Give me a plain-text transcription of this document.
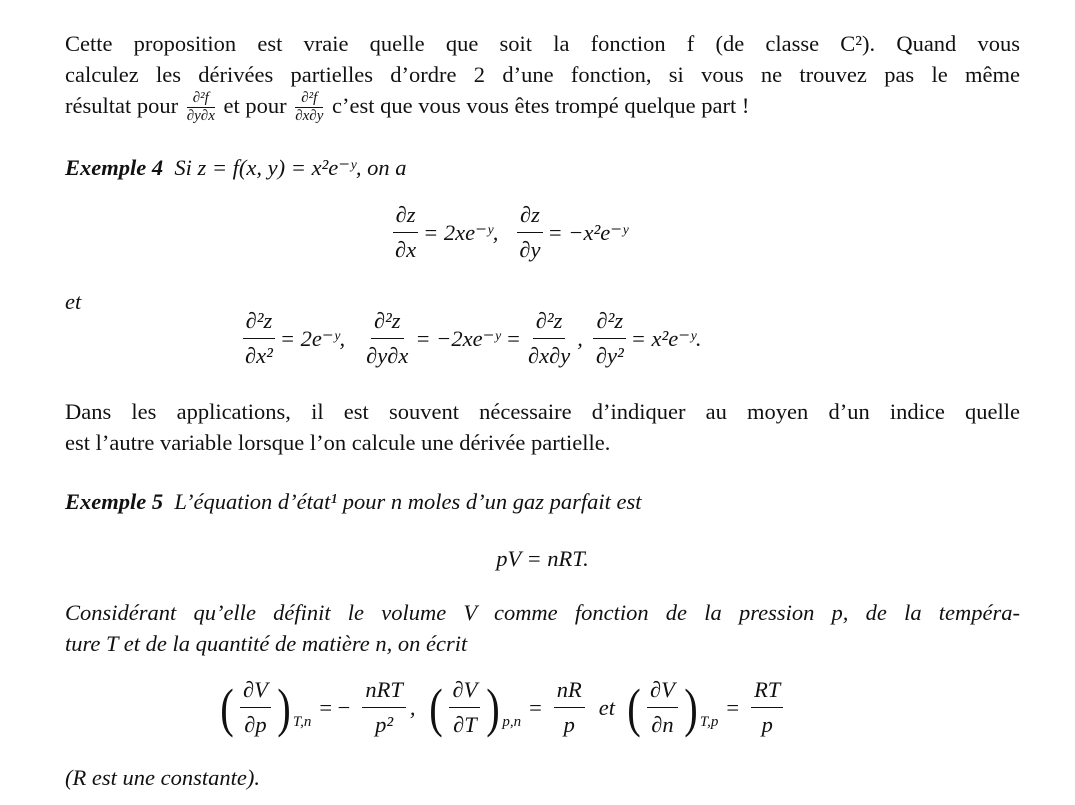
Cette proposition est vraie quelle que soit la fonction f (de classe C²). Quand vous

calculez les dérivées partielles d’ordre 2 d’une fonction, si vous ne trouvez pas le même

résultat pour $\frac{\text{∂²f}}{\partial y\partial x}$ et pour $\frac{\text{∂²f}}{\partial x\partial y}$ c’est que vous vous êtes trompé quelque part !

Exemple 4 Si z = f(x, y) = x²e⁻ʸ, on a

$\frac{\partial z}{\partial x}$ = 2xe⁻ʸ, $\frac{\partial z}{\partial y}$ = −x²e⁻ʸ

et

$\frac{\text{∂²z}}{\text{∂x²}}$ = 2e⁻ʸ, $\frac{\text{∂²z}}{\partial y\partial x}$ = −2xe⁻ʸ = $\frac{\text{∂²z}}{\partial x\partial y}$ , $\frac{\text{∂²z}}{\text{∂y²}}$ = x²e⁻ʸ.

Dans les applications, il est souvent nécessaire d’indiquer au moyen d’un indice quelle

est l’autre variable lorsque l’on calcule une dérivée partielle.

Exemple 5 L’équation d’état¹ pour n moles d’un gaz parfait est

pV = nRT.

Considérant qu’elle définit le volume V comme fonction de la pression p, de la tempéra-

ture T et de la quantité de matière n, on écrit

( $\frac{\partial V}{\partial p}$ ) T,n
= − $\frac{\text{nRT}}{\text{p²}}$ , ( $\frac{\partial V}{\partial T}$ ) p,n
= $\frac{nR}{p}$ et ( $\frac{\partial V}{\partial n}$ ) T,p
= $\frac{RT}{p}$

(R est une constante).
